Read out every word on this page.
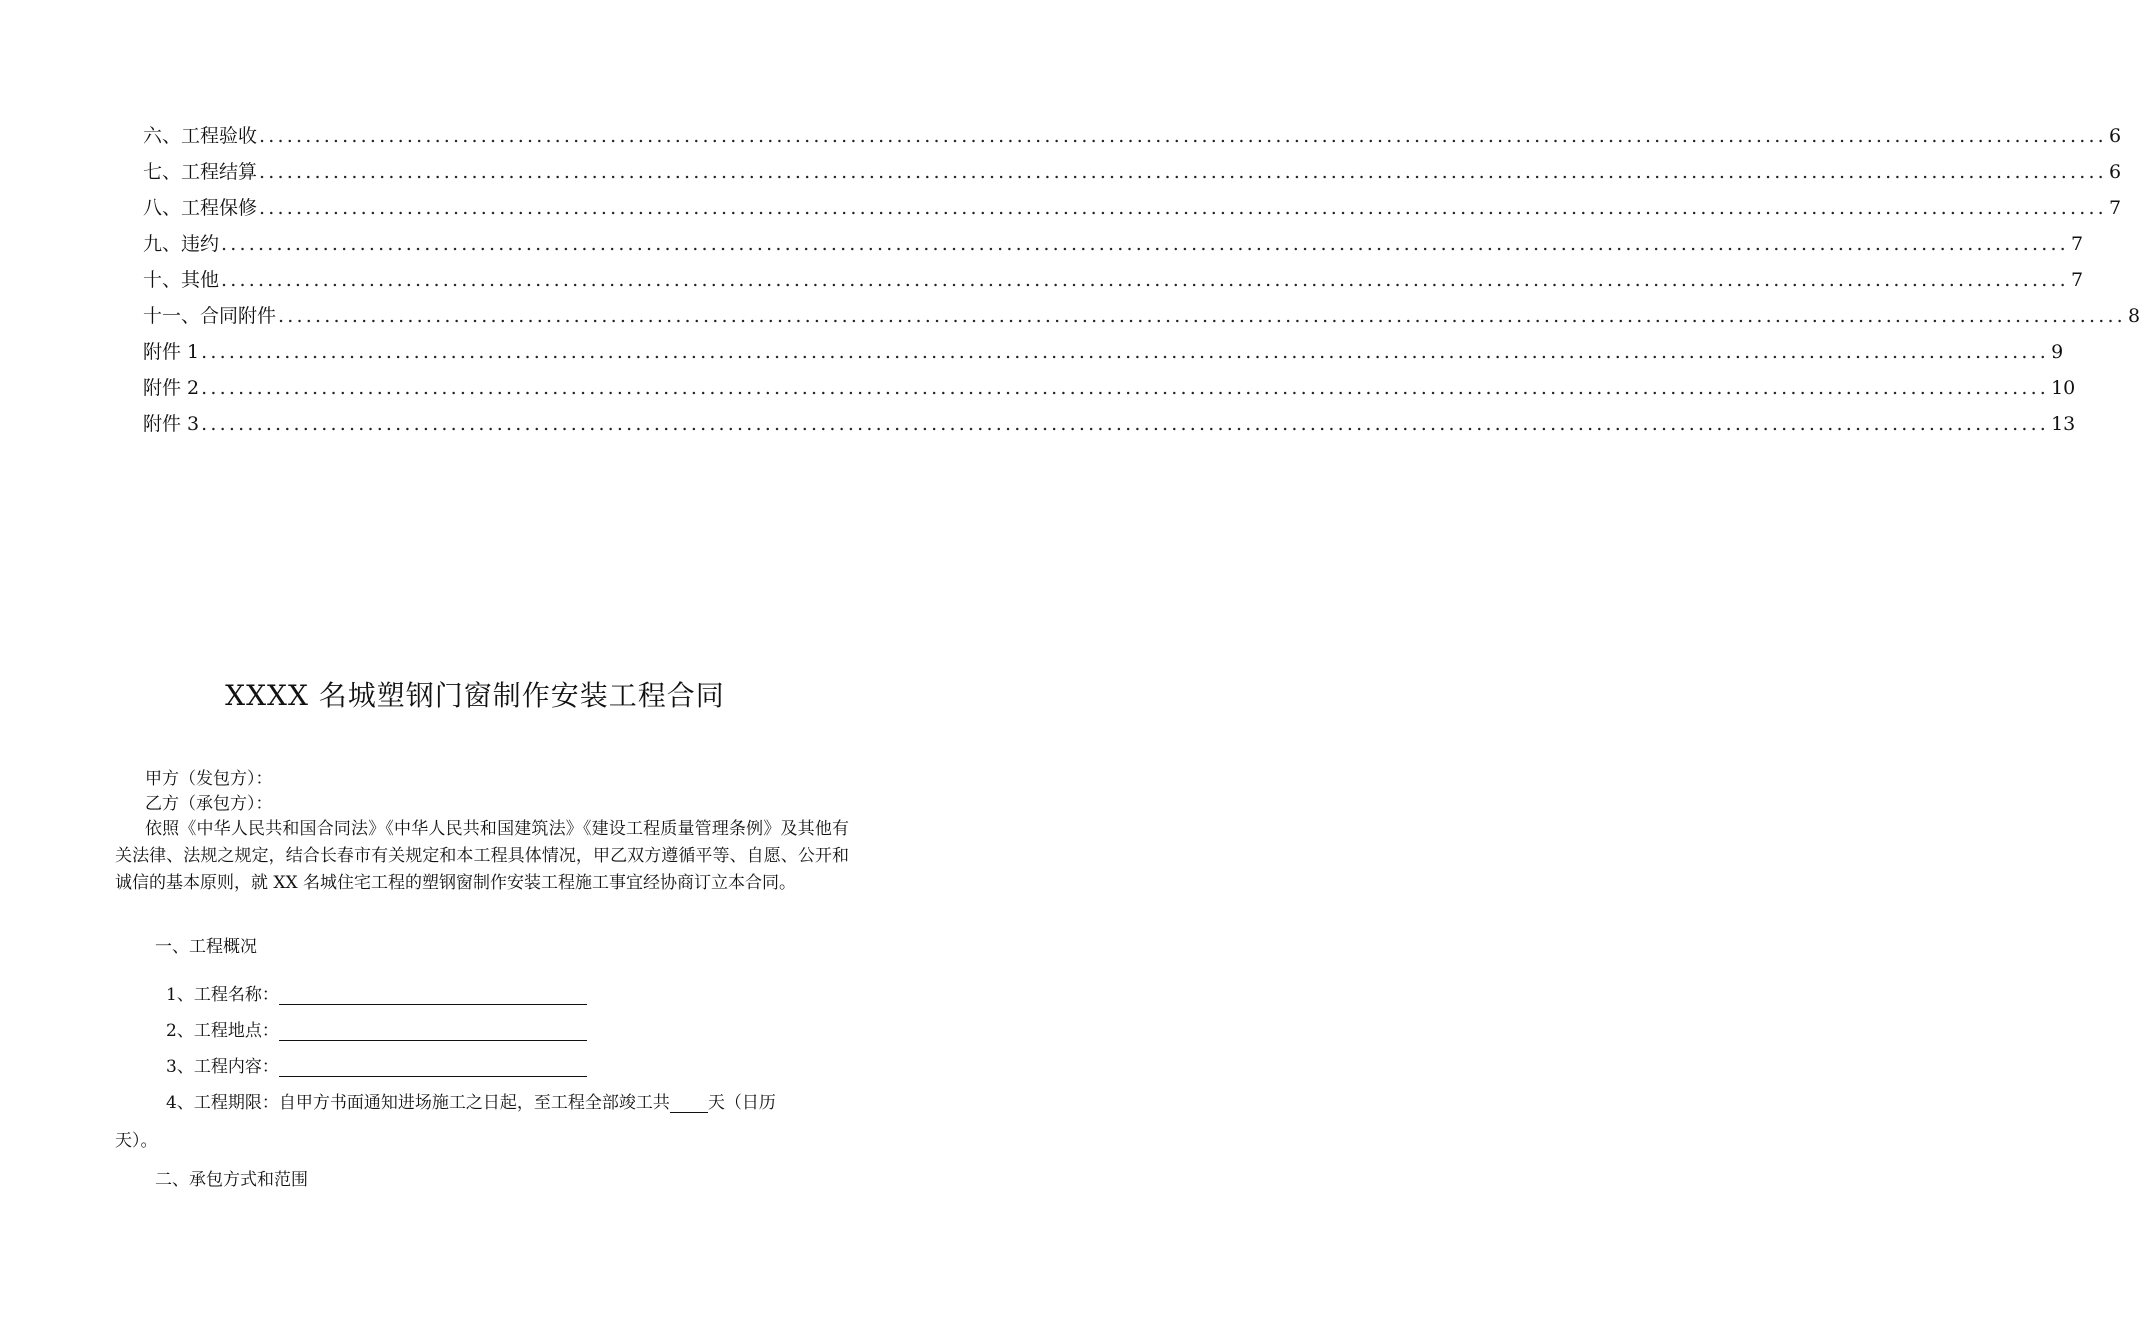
六、工程验收 ........................................................................................................................................................................................................ 6
七、工程结算 ........................................................................................................................................................................................................ 6
八、工程保修 ........................................................................................................................................................................................................ 7
九、违约 ........................................................................................................................................................................................................ 7
十、其他 ........................................................................................................................................................................................................ 7
十一、合同附件 ........................................................................................................................................................................................................ 8
附件 1 ........................................................................................................................................................................................................ 9
附件 2 ........................................................................................................................................................................................................ 10
附件 3 ........................................................................................................................................................................................................ 13
XXXX 名城塑钢门窗制作安装工程合同
甲方（发包方）：
乙方（承包方）：

依照《中华人民共和国合同法》《中华人民共和国建筑法》《建设工程质量管理条例》及其他有关法律、法规之规定，结合长春市有关规定和本工程具体情况，甲乙双方遵循平等、自愿、公开和诚信的基本原则，就 XX 名城住宅工程的塑钢窗制作安装工程施工事宜经协商订立本合同。

一、工程概况
1、工程名称：
2、工程地点：
3、工程内容：
4、工程期限：自甲方书面通知进场施工之日起，至工程全部竣工共 天（日历
天）。
二、承包方式和范围
